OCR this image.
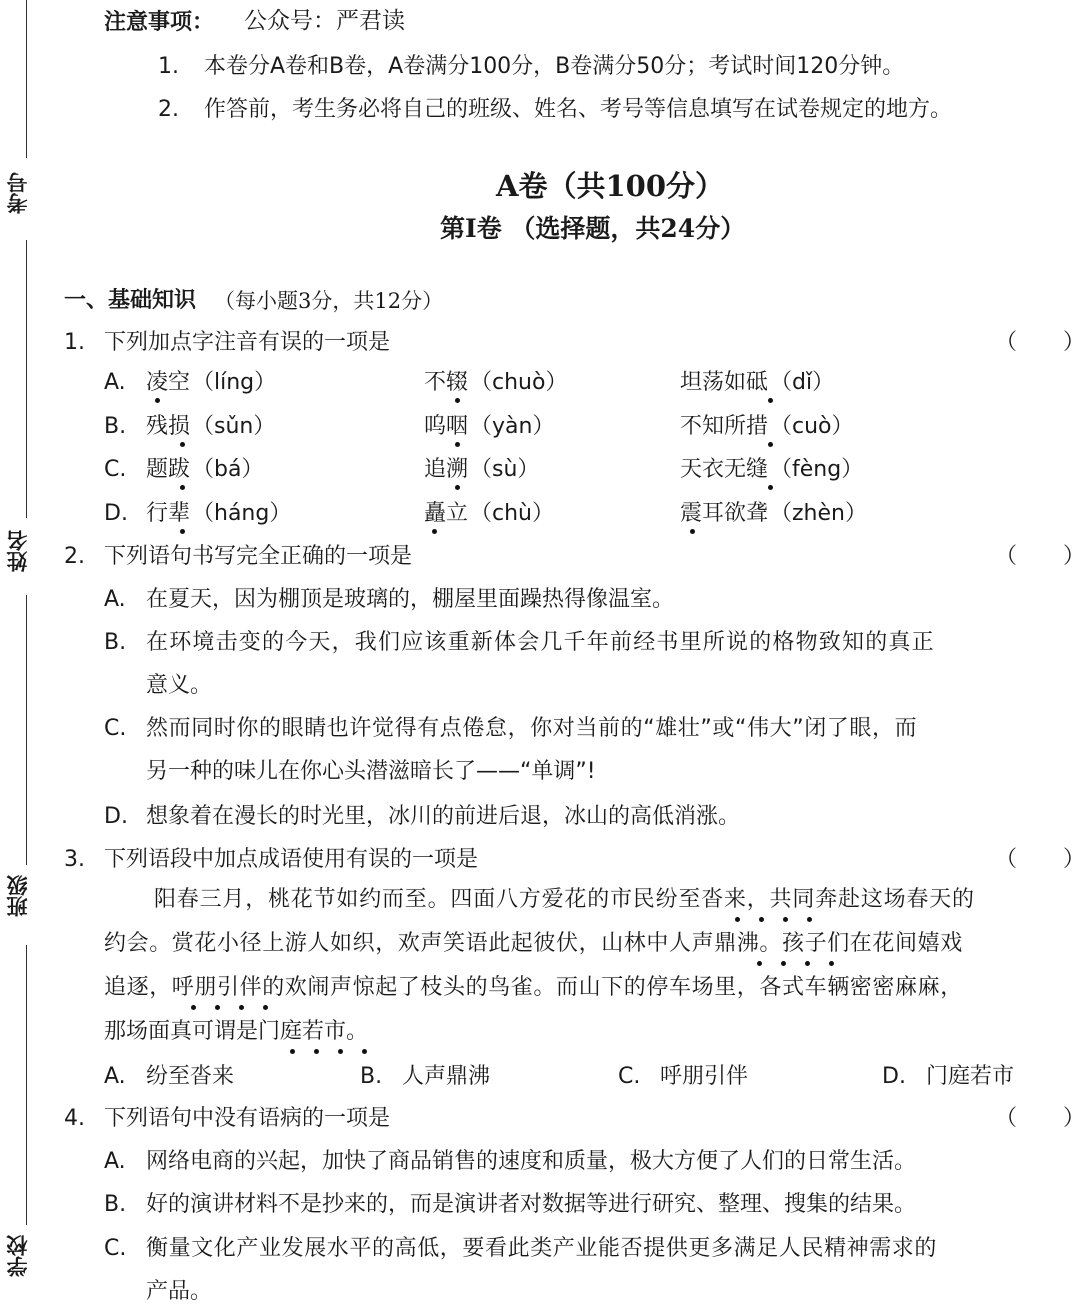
考号
姓名
班级
学校
注意事项： 公众号：严君读
1. 本卷分A卷和B卷，A卷满分100分，B卷满分50分；考试时间120分钟。
2. 作答前，考生务必将自己的班级、姓名、考号等信息填写在试卷规定的地方。
A卷（共100分）
第Ⅰ卷 （选择题，共24分）
一、基础知识 （每小题3分，共12分）
1. 下列加点字注音有误的一项是	（ ）
A. 凌空 （líng）	不辍 （chuò）	坦荡如砥 （dǐ）
B. 残损 （sǔn）	呜咽 （yàn）	不知所措 （cuò）
C. 题跋 （bá）	追溯 （sù）	天衣无缝 （fèng）
D. 行辈 （háng）	矗立 （chù）	震耳欲聋 （zhèn）
2. 下列语句书写完全正确的一项是	（ ）
A. 在夏天，因为棚顶是玻璃的，棚屋里面躁热得像温室。
B. 在环境击变的今天，我们应该重新体会几千年前经书里所说的格物致知的真正
意义。
C. 然而同时你的眼睛也许觉得有点倦怠，你对当前的“雄壮”或“伟大”闭了眼，而
另一种的味儿在你心头潜滋暗长了——“单调”!
D. 想象着在漫长的时光里，冰川的前进后退，冰山的高低消涨。
3. 下列语段中加点成语使用有误的一项是	（ ）
阳春三月，桃花节如约而至。四面八方爱花的市民纷至沓来，共同奔赴这场春天的
约会。赏花小径上游人如织，欢声笑语此起彼伏，山林中人声鼎沸。孩子们在花间嬉戏
追逐，呼朋引伴的欢闹声惊起了枝头的鸟雀。而山下的停车场里，各式车辆密密麻麻，
那场面真可谓是门庭若市。
A. 纷至沓来	B. 人声鼎沸	C. 呼朋引伴	D. 门庭若市
4. 下列语句中没有语病的一项是	（ ）
A. 网络电商的兴起，加快了商品销售的速度和质量，极大方便了人们的日常生活。
B. 好的演讲材料不是抄来的，而是演讲者对数据等进行研究、整理、搜集的结果。
C. 衡量文化产业发展水平的高低，要看此类产业能否提供更多满足人民精神需求的
产品。
